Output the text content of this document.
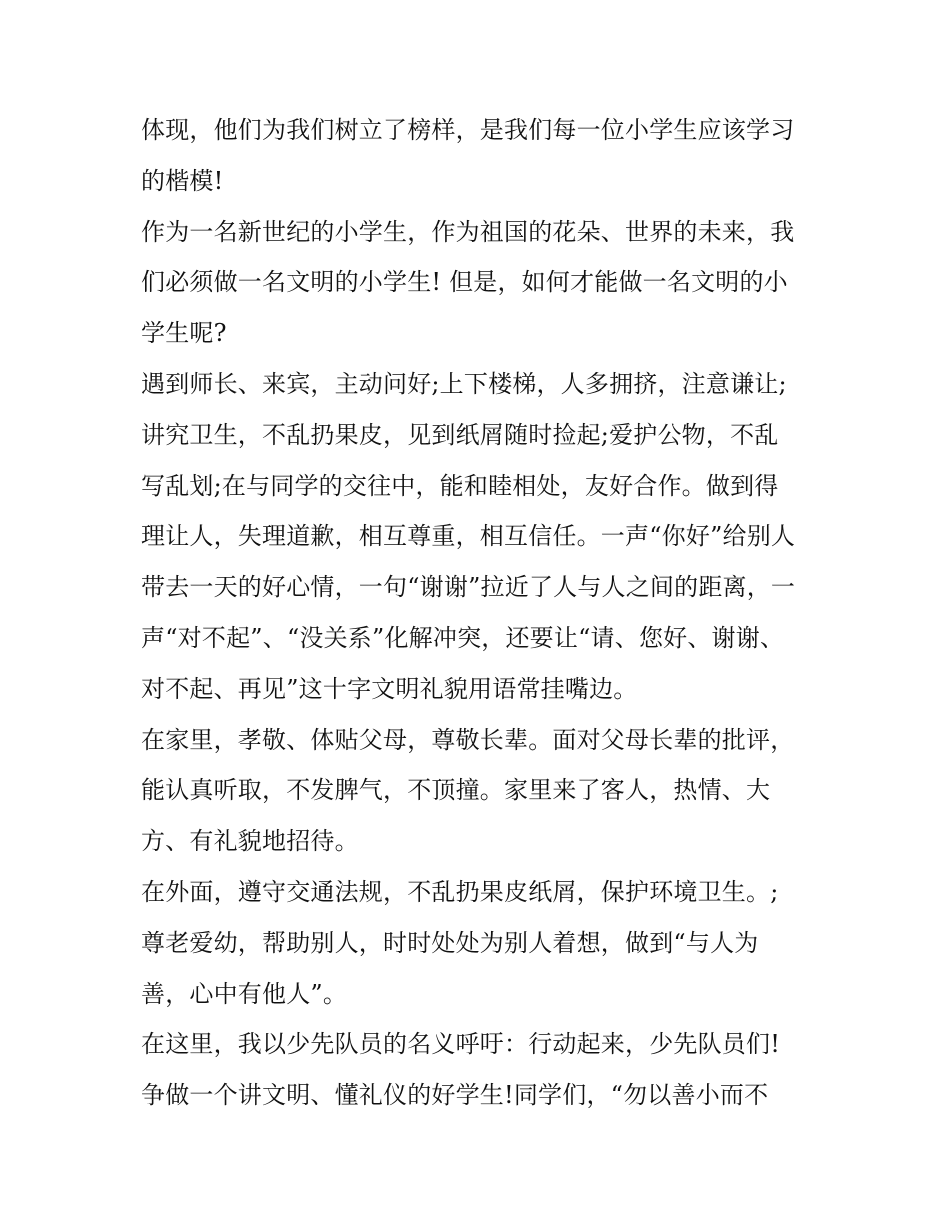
体现，他们为我们树立了榜样，是我们每一位小学生应该学习
的楷模!
作为一名新世纪的小学生，作为祖国的花朵、世界的未来，我
们必须做一名文明的小学生! 但是，如何才能做一名文明的小
学生呢?
遇到师长、来宾，主动问好;上下楼梯，人多拥挤，注意谦让;
讲究卫生，不乱扔果皮，见到纸屑随时捡起;爱护公物，不乱
写乱划;在与同学的交往中，能和睦相处，友好合作。做到得
理让人，失理道歉，相互尊重，相互信任。一声“你好”给别人
带去一天的好心情，一句“谢谢”拉近了人与人之间的距离，一
声“对不起”、“没关系”化解冲突，还要让“请、您好、谢谢、
对不起、再见”这十字文明礼貌用语常挂嘴边。
在家里，孝敬、体贴父母，尊敬长辈。面对父母长辈的批评，
能认真听取，不发脾气，不顶撞。家里来了客人，热情、大
方、有礼貌地招待。
在外面，遵守交通法规，不乱扔果皮纸屑，保护环境卫生。;
尊老爱幼，帮助别人，时时处处为别人着想，做到“与人为
善，心中有他人”。
在这里，我以少先队员的名义呼吁：行动起来，少先队员们!
争做一个讲文明、懂礼仪的好学生!同学们，“勿以善小而不
